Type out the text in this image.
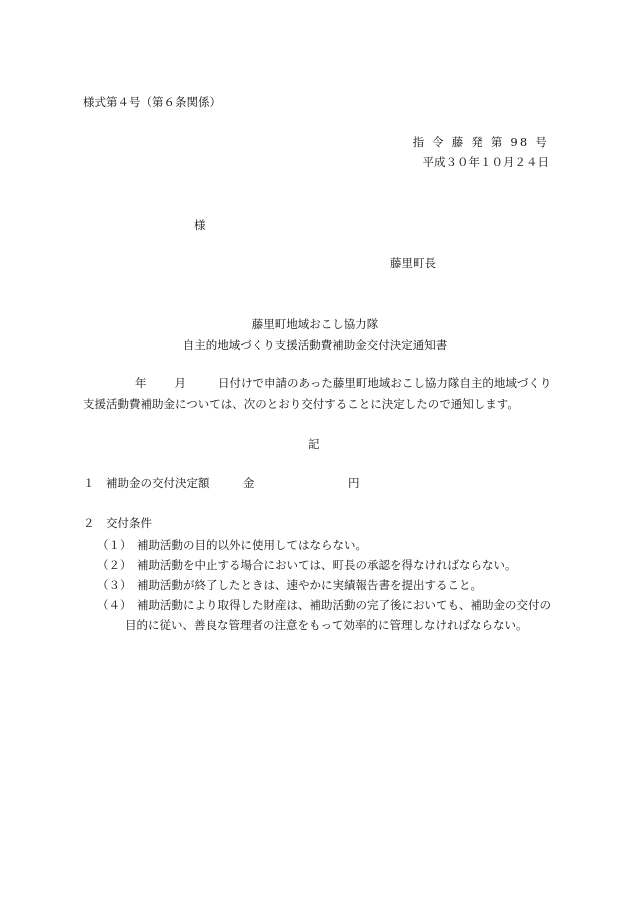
様式第４号（第６条関係）
指 令 藤 発 第 98 号
平成３０年１０月２４日
様
藤里町長
藤里町地域おこし協力隊
自主的地域づくり支援活動費補助金交付決定通知書
年 月	日付けで申請のあった藤里町地域おこし協力隊自主的地域づくり
支援活動費補助金については、次のとおり交付することに決定したので通知します。
記
１  補助金の交付決定額	金	円
２  交付条件
（１） 補助活動の目的以外に使用してはならない。
（２） 補助活動を中止する場合においては、町長の承認を得なければならない。
（３） 補助活動が終了したときは、速やかに実績報告書を提出すること。
（４） 補助活動により取得した財産は、補助活動の完了後においても、補助金の交付の
目的に従い、善良な管理者の注意をもって効率的に管理しなければならない。
